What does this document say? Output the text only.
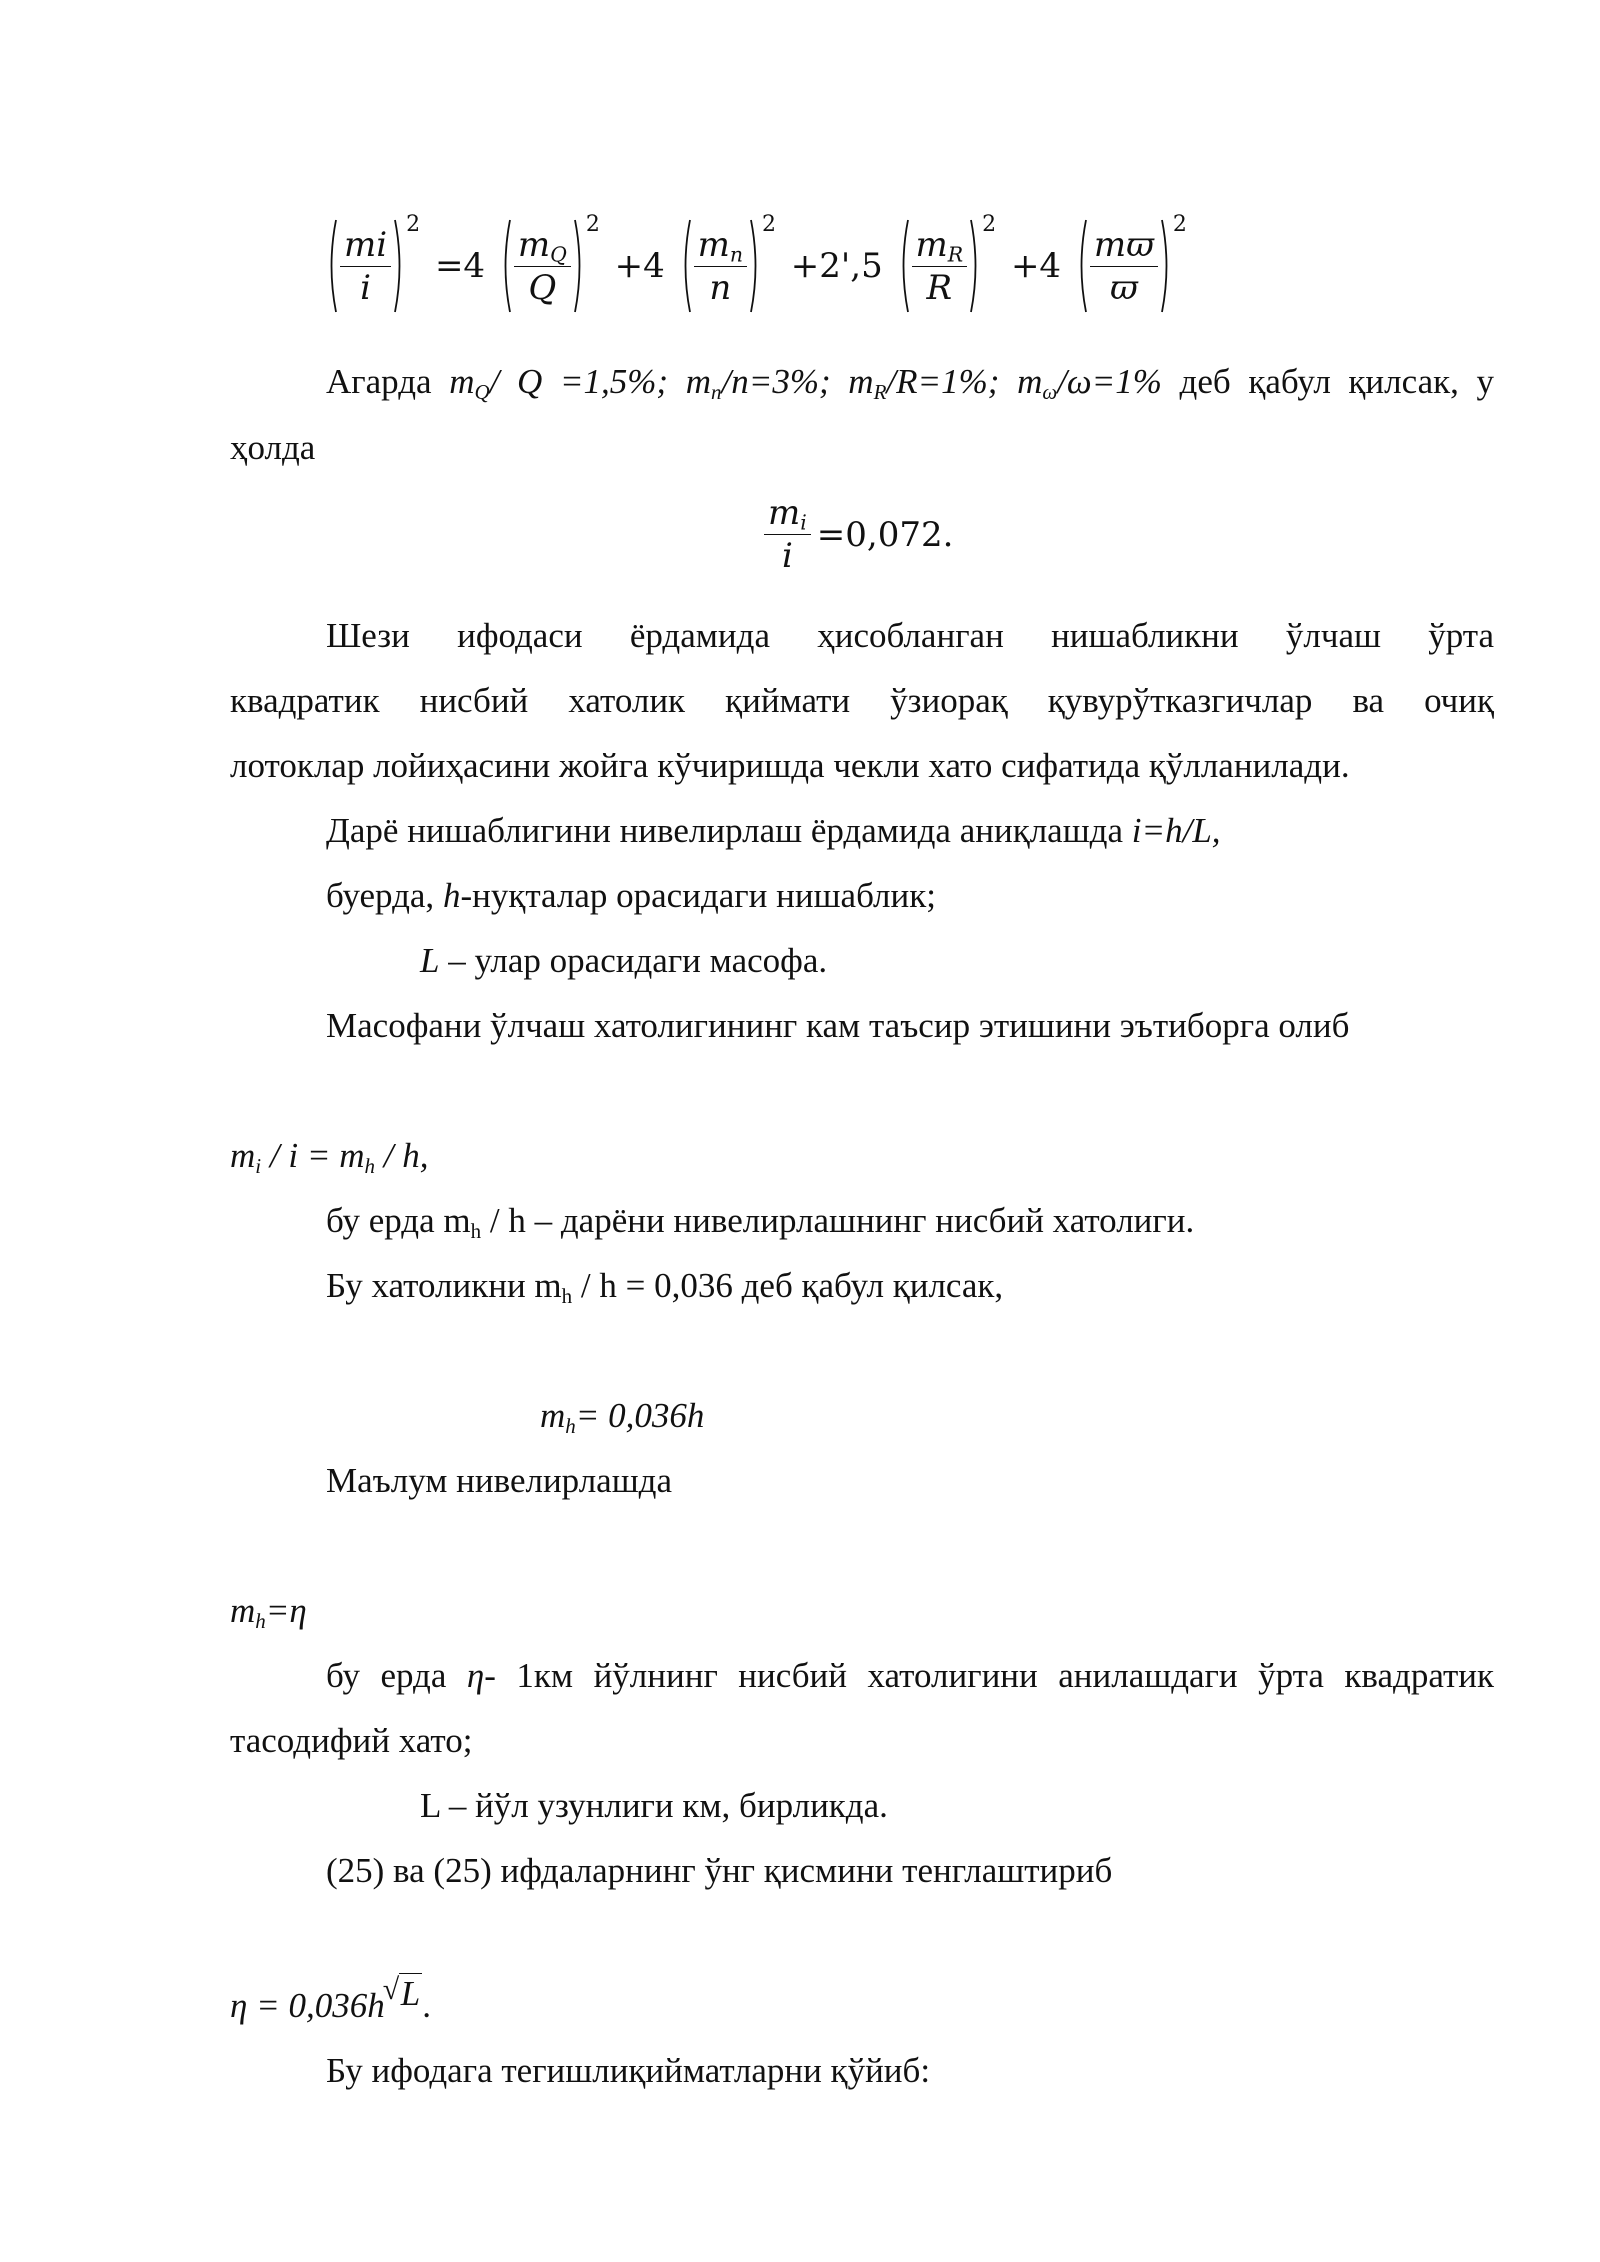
$\frac{mi}{i} 2$
$=4 \frac{m_Q}{Q} 2$
$+4 \frac{m_n}{n} 2$
$+2',5 \frac{m_R}{R} 2$
$+4 \frac{mϖ}{ϖ} 2$
Агарда $m_Q/$ Q =1,5%; $m_n/n=3\%$; $m_R/R=1\%$; $m_\omega/\omega=1\%$ деб қабул қилсак, у
ҳолда
$\frac{m_i}{i} =0,072$.
Шези ифодаси ёрдамида ҳисобланган нишабликни ўлчаш ўрта
квадратик нисбий хатолик қиймати ўзиорақ қувурўтказгичлар ва очиқ
лотоклар лойиҳасини жойга кўчиришда чекли хато сифатида қўлланилади.
Дарё нишаблигини нивелирлаш ёрдамида аниқлашда i=h/L,
буерда, h-нуқталар орасидаги нишаблик;
L – улар орасидаги масофа.
Масофани ўлчаш хатолигининг кам таъсир этишини эътиборга олиб
$m_i / i = m_h / h$,
бу ерда $m_h$ / h – дарёни нивелирлашнинг нисбий хатолиги.
Бу хатоликни $m_h / h = 0,036$ деб қабул қилсак,
$m_h= 0,036h$
Маълум нивелирлашда
$m_h=\eta$
бу ерда η- 1км йўлнинг нисбий хатолигини анилашдаги ўрта квадратик
тасодифий хато;
L – йўл узунлиги км, бирликда.
(25) ва (25) ифдаларнинг ўнг қисмини тенглаштириб
η = 0,036h√ L.
Бу ифодага тегишлиқийматларни қўйиб:
